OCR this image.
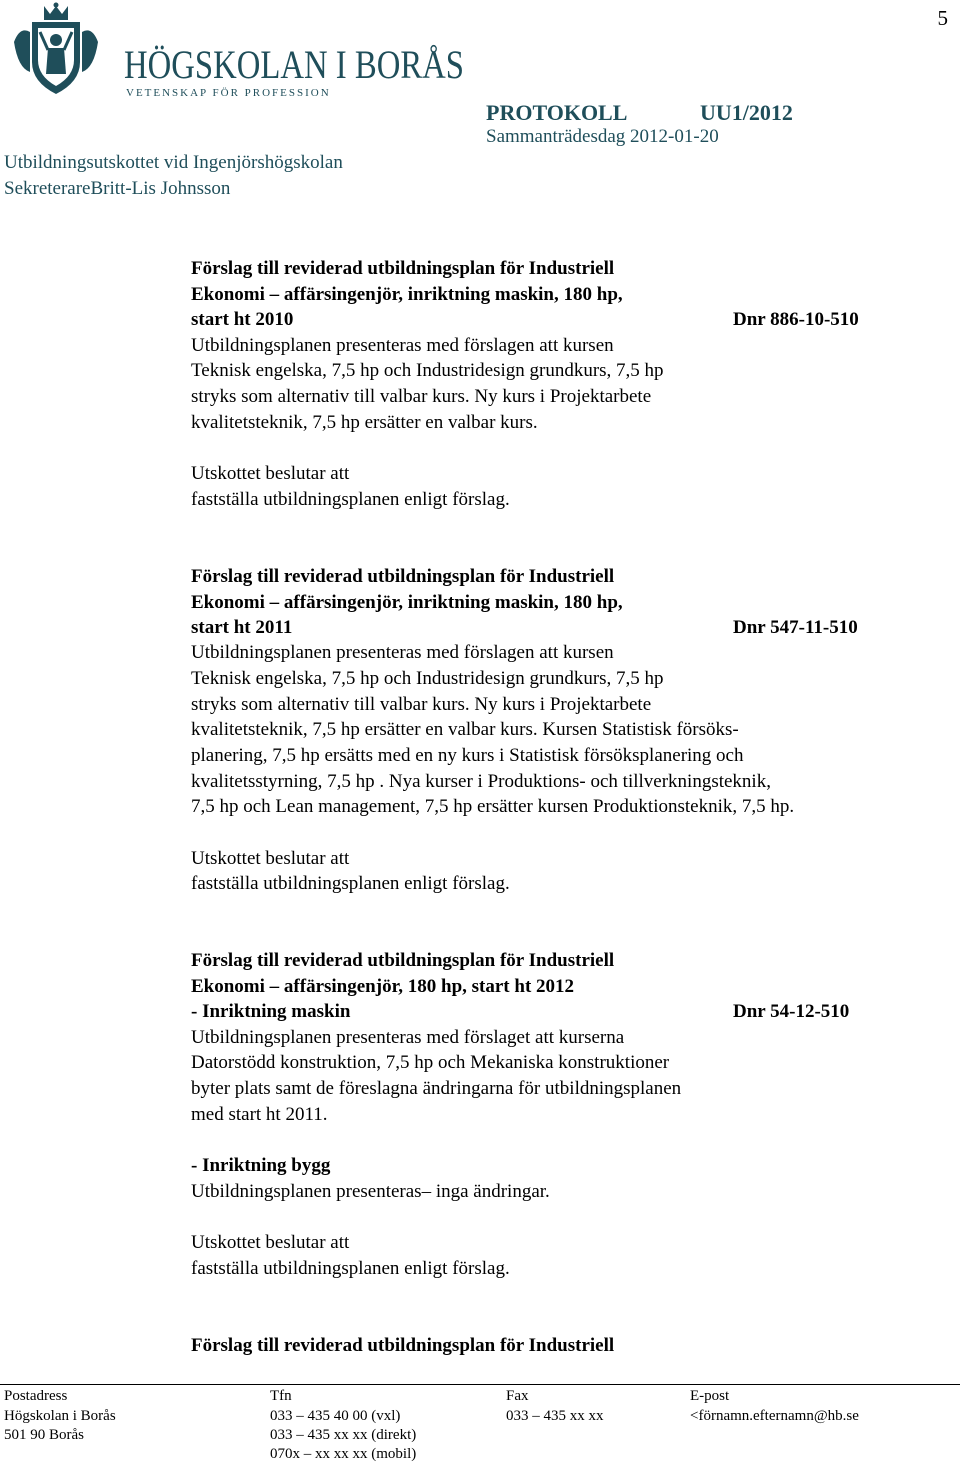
5
HÖGSKOLAN I BORÅS
VETENSKAP FÖR PROFESSION
PROTOKOLL	UU1/2012
Sammanträdesdag 2012-01-20
Utbildningsutskottet vid Ingenjörshögskolan
SekreterareBritt-Lis Johnsson
Förslag till reviderad utbildningsplan för Industriell
Ekonomi – affärsingenjör, inriktning maskin, 180 hp,
start ht 2010	Dnr 886-10-510
Utbildningsplanen presenteras med förslagen att kursen
Teknisk engelska, 7,5 hp och Industridesign grundkurs, 7,5 hp
stryks som alternativ till valbar kurs. Ny kurs i Projektarbete
kvalitetsteknik, 7,5 hp ersätter en valbar kurs.
Utskottet beslutar att
fastställa utbildningsplanen enligt förslag.
Förslag till reviderad utbildningsplan för Industriell
Ekonomi – affärsingenjör, inriktning maskin, 180 hp,
start ht 2011	Dnr 547-11-510
Utbildningsplanen presenteras med förslagen att kursen
Teknisk engelska, 7,5 hp och Industridesign grundkurs, 7,5 hp
stryks som alternativ till valbar kurs. Ny kurs i Projektarbete
kvalitetsteknik, 7,5 hp ersätter en valbar kurs. Kursen Statistisk försöks-
planering, 7,5 hp ersätts med en ny kurs i Statistisk försöksplanering och
kvalitetsstyrning, 7,5 hp . Nya kurser i Produktions- och tillverkningsteknik,
7,5 hp och Lean management, 7,5 hp ersätter kursen Produktionsteknik, 7,5 hp.
Utskottet beslutar att
fastställa utbildningsplanen enligt förslag.
Förslag till reviderad utbildningsplan för Industriell
Ekonomi – affärsingenjör, 180 hp, start ht 2012
- Inriktning maskin	Dnr 54-12-510
Utbildningsplanen presenteras med förslaget att kurserna
Datorstödd konstruktion, 7,5 hp och Mekaniska konstruktioner
byter plats samt de föreslagna ändringarna för utbildningsplanen
med start ht 2011.
- Inriktning bygg
Utbildningsplanen presenteras– inga ändringar.
Utskottet beslutar att
fastställa utbildningsplanen enligt förslag.
Förslag till reviderad utbildningsplan för Industriell
Postadress
Högskolan i Borås
501 90 Borås
Tfn
033 – 435 40 00 (vxl)
033 – 435 xx xx (direkt)
070x – xx xx xx (mobil)
Fax
033 – 435 xx xx
E-post
<förnamn.efternamn@hb.se
